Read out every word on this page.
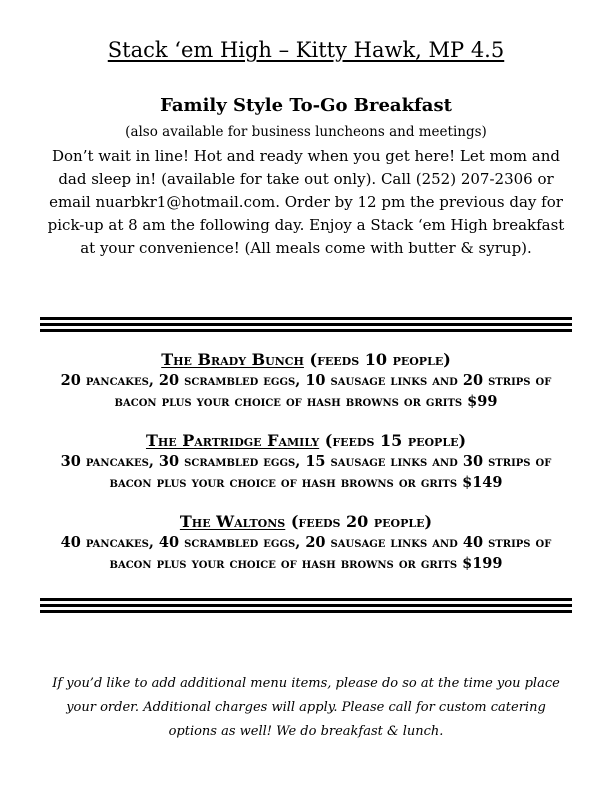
Stack ‘em High – Kitty Hawk, MP 4.5
Family Style To-Go Breakfast
(also available for business luncheons and meetings)
Don’t wait in line! Hot and ready when you get here! Let mom and
dad sleep in! (available for take out only). Call (252) 207-2306 or
email nuarbkr1@hotmail.com. Order by 12 pm the previous day for
pick-up at 8 am the following day. Enjoy a Stack ‘em High breakfast
at your convenience! (All meals come with butter & syrup).
The Brady Bunch (feeds 10 people)
20 pancakes, 20 scrambled eggs, 10 sausage links and 20 strips of
bacon plus your choice of hash browns or grits $99
The Partridge Family (feeds 15 people)
30 pancakes, 30 scrambled eggs, 15 sausage links and 30 strips of
bacon plus your choice of hash browns or grits $149
The Waltons (feeds 20 people)
40 pancakes, 40 scrambled eggs, 20 sausage links and 40 strips of
bacon plus your choice of hash browns or grits $199
If you’d like to add additional menu items, please do so at the time you place
your order. Additional charges will apply. Please call for custom catering
options as well! We do breakfast & lunch.
